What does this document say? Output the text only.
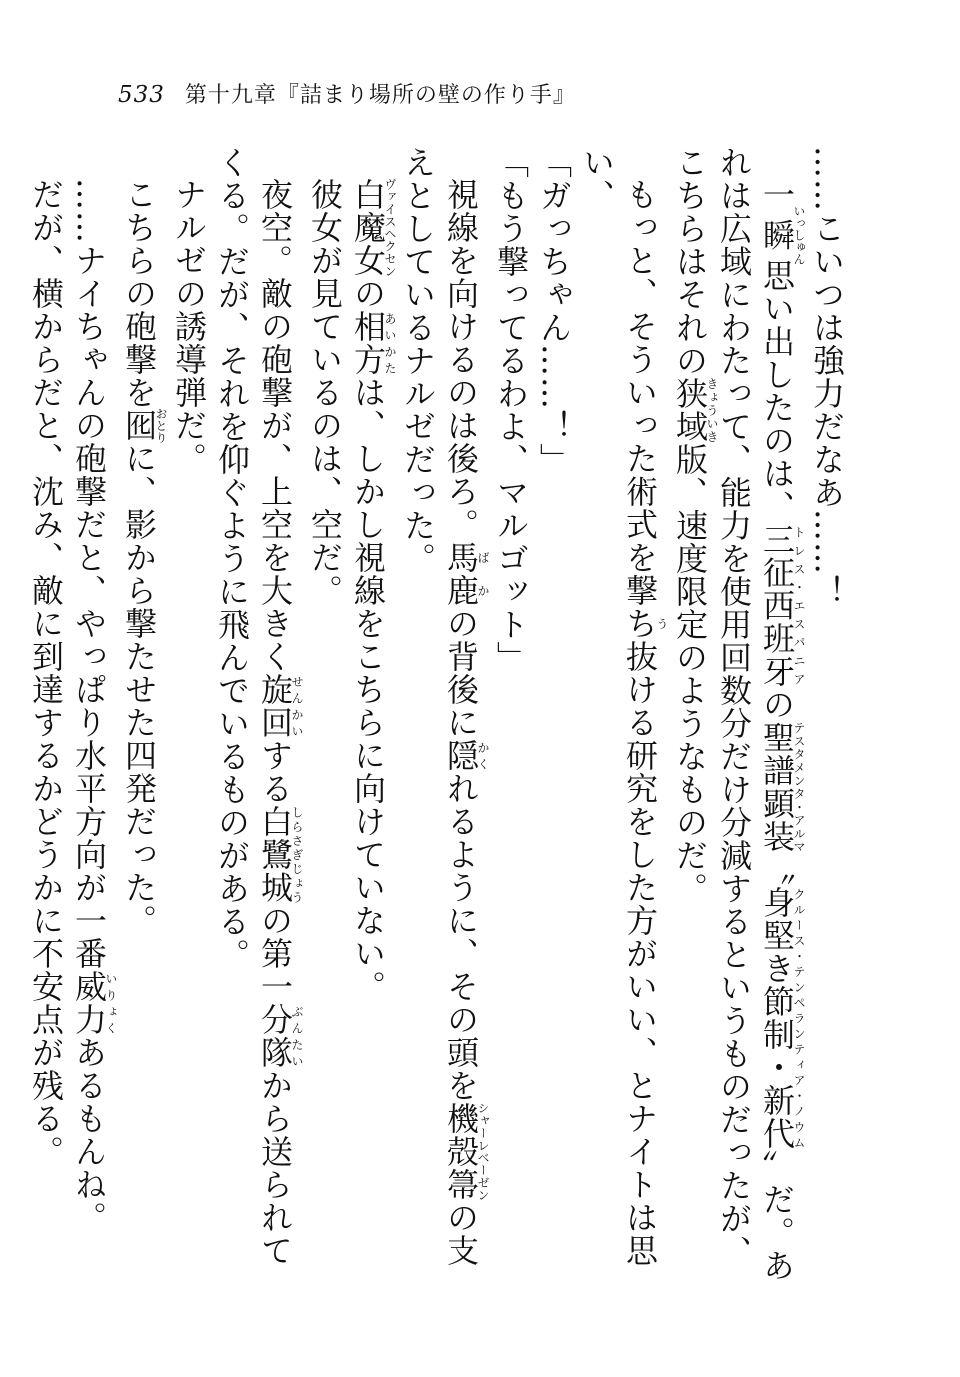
533 第十九章『詰まり場所の壁の作り手』

……こいつは強力だなあ……！

一瞬いっしゅん思い出したのは、三征西班牙トレス・エスパニアの聖譜顕装テスタメンタ・アルマ〝身堅き節制・新代クルース・テンペランティア・ノウム〟だ。あれは広域にわたって、能力を使用回数分だけ分減するというものだったが、こちらはそれの狭域きょういき版、速度限定のようなものだ。

もっと、そういった術式を撃ちう抜ける研究をした方がいい、とナイトは思い、

「ガっちゃん……！」

「もう撃ってるわよ、マルゴット」

視線を向けるのは後ろ。馬鹿ばかの背後に隠かくれるように、その頭を機殻箒シャーレベーゼンの支えとしているナルゼだった。

白魔女ヴァイスヘクセンの相方あいかたは、しかし視線をこちらに向けていない。

彼女が見ているのは、空だ。

夜空。敵の砲撃が、上空を大きく旋回せんかいする白鷺城しらさぎじょうの第一分隊ぶんたいから送られてくる。だが、それを仰ぐように飛んでいるものがある。

ナルゼの誘導弾だ。

こちらの砲撃を囮おとりに、影から撃たせた四発だった。

……ナイちゃんの砲撃だと、やっぱり水平方向が一番威力いりょくあるもんね。

だが、横からだと、沈み、敵に到達するかどうかに不安点が残る。
